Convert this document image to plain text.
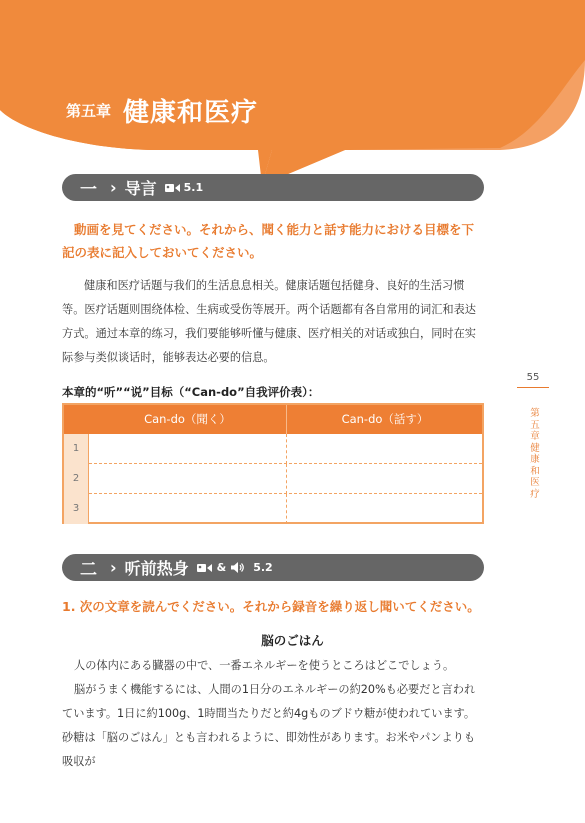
第五章 健康和医疗
一 › 导言 5.1
動画を見てください。それから、聞く能力と話す能力における目標を下記の表に記入しておいてください。
健康和医疗话题与我们的生活息息相关。健康话题包括健身、良好的生活习惯等。医疗话题则围绕体检、生病或受伤等展开。两个话题都有各自常用的词汇和表达方式。通过本章的练习，我们要能够听懂与健康、医疗相关的对话或独白，同时在实际参与类似谈话时，能够表达必要的信息。
本章的“听”“说”目标（“Can-do”自我评价表）：
Can-do（聞く）	Can-do（話す）
1
2
3
55
第五章　健康和医疗
二 › 听前热身	& 5.2
1. 次の文章を読んでください。それから録音を繰り返し聞いてください。
脳のごはん
人の体内にある臓器の中で、一番エネルギーを使うところはどこでしょう。
脳がうまく機能するには、人間の1日分のエネルギーの約20%も必要だと言われています。1日に約100g、1時間当たりだと約4gものブドウ糖が使われています。砂糖は「脳のごはん」とも言われるように、即効性があります。お米やパンよりも吸収が
